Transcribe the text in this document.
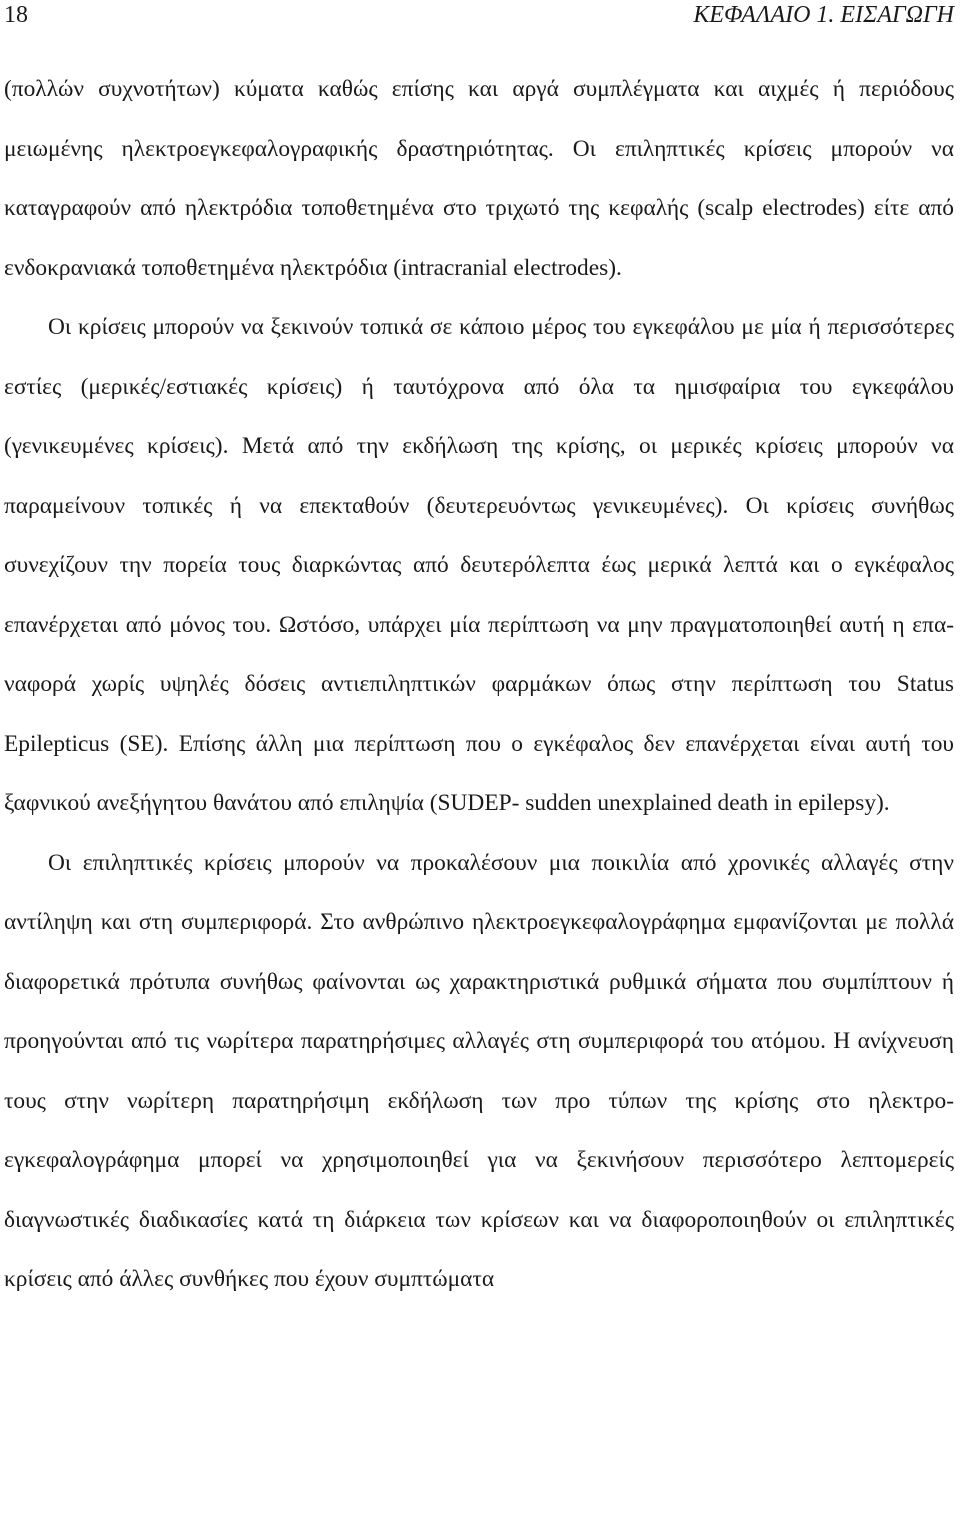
18	ΚΕΦΑΛΑΙΟ 1. ΕΙΣΑΓΩΓΗ

(πολλών συχνοτήτων) κύματα καθώς επίσης και αργά συμπλέγματα και αιχμές ή περιόδους μειωμένης ηλεκτροεγκεφαλογραφικής δραστηριότητας. Οι επιληπτικές κρίσεις μπορούν να καταγραφούν από ηλεκτρόδια τοποθετημένα στο τριχωτό της κεφαλής (scalp electrodes) είτε από ενδοκρανιακά τοποθετημένα ηλεκτρόδια (intracranial electrodes).

Οι κρίσεις μπορούν να ξεκινούν τοπικά σε κάποιο μέρος του εγκεφάλου με μία ή περισσότερες εστίες (μερικές/εστιακές κρίσεις) ή ταυτόχρονα από όλα τα ημισφαίρια του εγκεφάλου (γενικευμένες κρίσεις). Μετά από την εκδήλωση της κρίσης, οι μερικές κρίσεις μπορούν να παραμείνουν τοπικές ή να επεκταθούν (δευτερευόντως γενικευμένες). Οι κρίσεις συνήθως συνεχίζουν την πορεία τους διαρκώντας από δευτερόλεπτα έως μερικά λεπτά και ο εγκέφαλος επανέρχεται από μόνος του. Ωστόσο, υπάρχει μία περίπτωση να μην πραγματοποιηθεί αυτή η επαναφορά χωρίς υψηλές δόσεις αντιεπιληπτικών φαρμάκων όπως στην περίπτωση του Status Epilepticus (SE). Επίσης άλλη μια περίπτωση που ο εγκέφαλος δεν επανέρχεται είναι αυτή του ξαφνικού ανεξήγητου θανάτου από επιληψία (SUDEP- sudden unexplained death in epilepsy).

Οι επιληπτικές κρίσεις μπορούν να προκαλέσουν μια ποικιλία από χρονικές αλλαγές στην αντίληψη και στη συμπεριφορά. Στο ανθρώπινο ηλεκτροεγκεφαλογράφημα εμφανίζονται με πολλά διαφορετικά πρότυπα συνήθως φαίνονται ως χαρακτηριστικά ρυθμικά σήματα που συμπίπτουν ή προηγούνται από τις νωρίτερα παρατηρήσιμες αλλαγές στη συμπεριφορά του ατόμου. Η ανίχνευση τους στην νωρίτερη παρατηρήσιμη εκδήλωση των προ τύπων της κρίσης στο ηλεκτροεγκεφαλογράφημα μπορεί να χρησιμοποιηθεί για να ξεκινήσουν περισσότερο λεπτομερείς διαγνωστικές διαδικασίες κατά τη διάρκεια των κρίσεων και να διαφοροποιηθούν οι επιληπτικές κρίσεις από άλλες συνθήκες που έχουν συμπτώματα
